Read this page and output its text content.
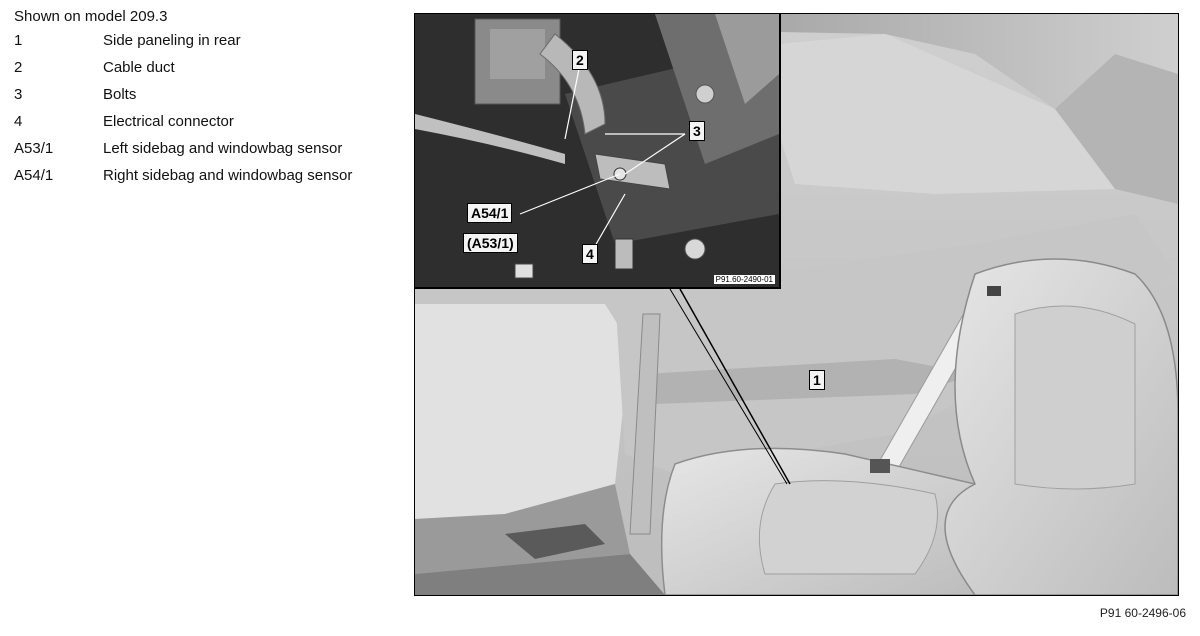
Shown on model 209.3
1	Side paneling in rear
2	Cable duct
3	Bolts
4	Electrical connector
A53/1	Left sidebag and windowbag sensor
A54/1	Right sidebag and windowbag sensor
2
3
A54/1
(A53/1)
4
P91.60-2490-01
1
P91 60-2496-06
